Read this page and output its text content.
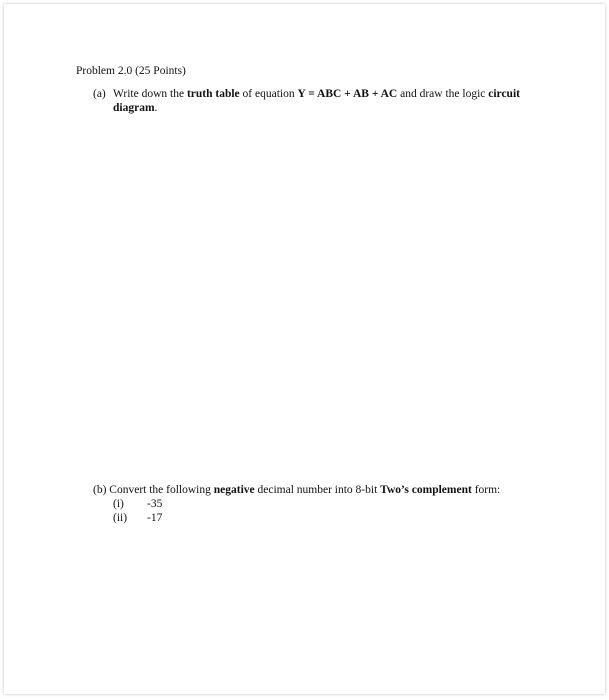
Problem 2.0 (25 Points)
(a) Write down the truth table of equation Y = ABC + AB + AC and draw the logic circuit diagram.
(b) Convert the following negative decimal number into 8-bit Two’s complement form:
(i) -35
(ii) -17
